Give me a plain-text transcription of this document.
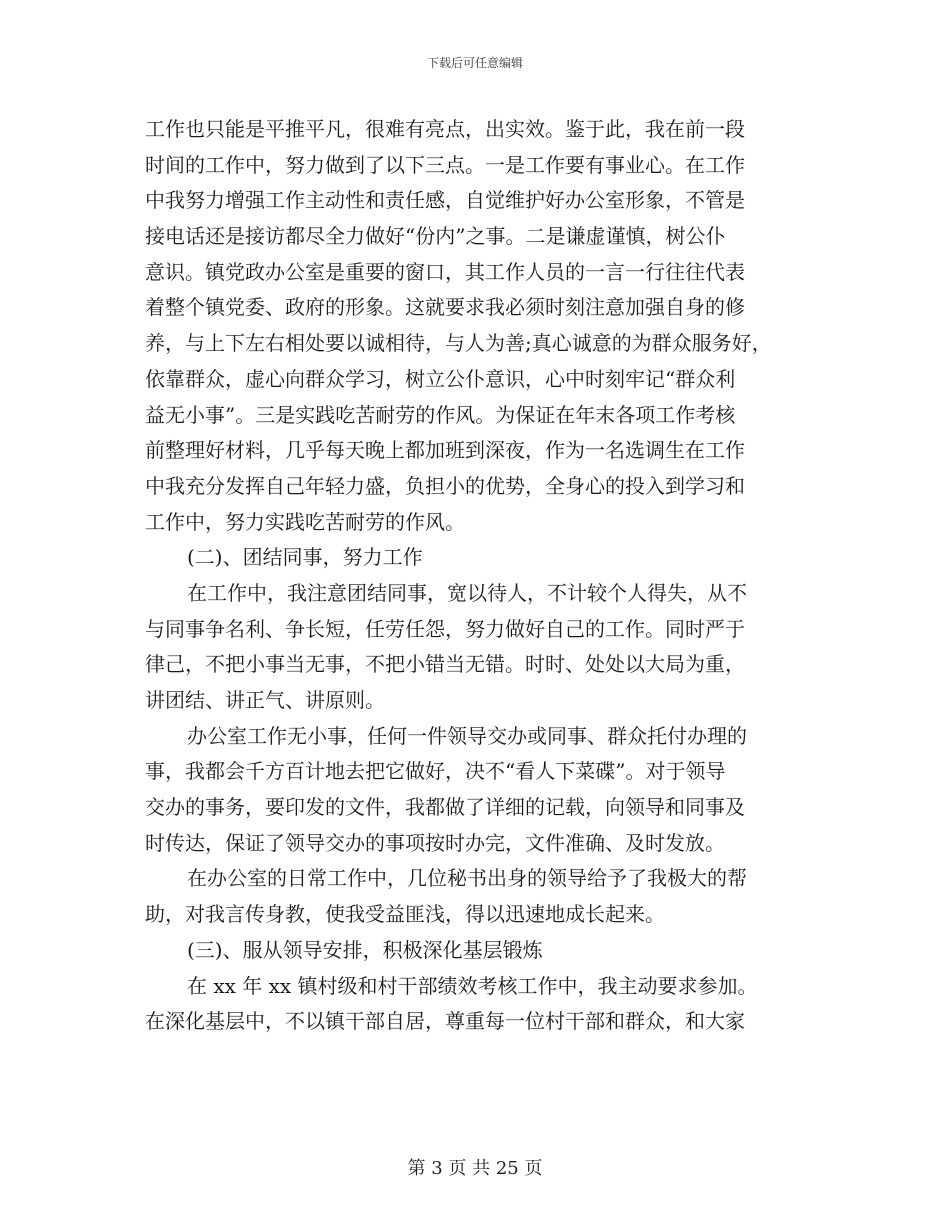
下载后可任意编辑
工作也只能是平推平凡，很难有亮点，出实效。鉴于此，我在前一段
时间的工作中，努力做到了以下三点。一是工作要有事业心。在工作
中我努力增强工作主动性和责任感，自觉维护好办公室形象，不管是
接电话还是接访都尽全力做好“份内”之事。二是谦虚谨慎，树公仆
意识。镇党政办公室是重要的窗口，其工作人员的一言一行往往代表
着整个镇党委、政府的形象。这就要求我必须时刻注意加强自身的修
养，与上下左右相处要以诚相待，与人为善;真心诚意的为群众服务好，
依靠群众，虚心向群众学习，树立公仆意识，心中时刻牢记“群众利
益无小事”。三是实践吃苦耐劳的作风。为保证在年末各项工作考核
前整理好材料，几乎每天晚上都加班到深夜，作为一名选调生在工作
中我充分发挥自己年轻力盛，负担小的优势，全身心的投入到学习和
工作中，努力实践吃苦耐劳的作风。
(二)、团结同事，努力工作
在工作中，我注意团结同事，宽以待人，不计较个人得失，从不
与同事争名利、争长短，任劳任怨，努力做好自己的工作。同时严于
律己，不把小事当无事，不把小错当无错。时时、处处以大局为重，
讲团结、讲正气、讲原则。
办公室工作无小事，任何一件领导交办或同事、群众托付办理的
事，我都会千方百计地去把它做好，决不“看人下菜碟”。对于领导
交办的事务，要印发的文件，我都做了详细的记载，向领导和同事及
时传达，保证了领导交办的事项按时办完，文件准确、及时发放。
在办公室的日常工作中，几位秘书出身的领导给予了我极大的帮
助，对我言传身教，使我受益匪浅，得以迅速地成长起来。
(三)、服从领导安排，积极深化基层锻炼
在 xx 年 xx 镇村级和村干部绩效考核工作中，我主动要求参加。
在深化基层中，不以镇干部自居，尊重每一位村干部和群众，和大家
第 3 页 共 25 页
